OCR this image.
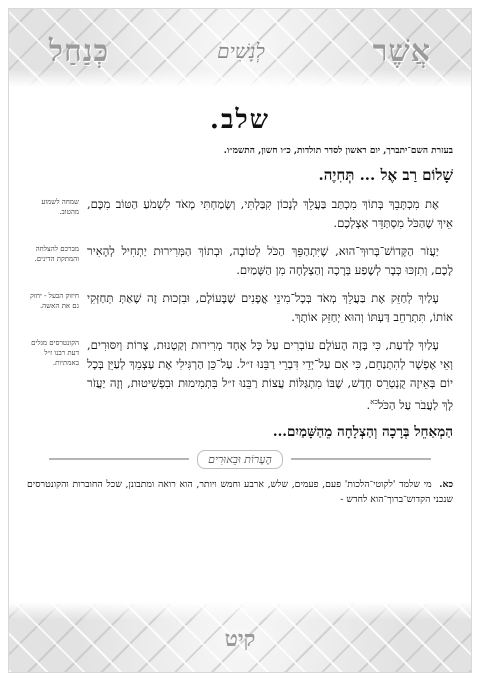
אֲשֶׁר
לְנָשִׁים
כְּנַחַל
שלב.
בעזרת השם־יתברך, יום ראשון לסדר תולדות, כ״ו חשון, התשמ״ו.
שָׁלוֹם רַב אֶל ... תְּחִיֶה.
אֶת מִכְתָּבֵךְ בְּתוֹךְ מִכְתַּב בַּעֲלֵךְ לְנָכוֹן קִבַּלְתִּי, וְשָׂמַחְתִּי מְאֹד לִשְׁמֹעַ הַטּוֹב מִכֶּם, אֵיךְ שֶׁהַכֹּל מִסְתַּדֵּר אֶצְלְכֶם.
שמחה לשמוע מהטוב.
יַעֲזֹר הַקָּדוֹשׁ־בָּרוּךְ־הוּא, שֶׁיִּתְהַפֵּךְ הַכֹּל לְטוֹבָה, וּבְתוֹךְ הַמְּרִירוּת יַתְחִיל לְהָאִיר לָכֶם, וְתִזְכּוּ כְּבָר לְשֶׁפַע בְּרָכָה וְהַצְלָחָה מִן הַשָּׁמַיִם.
מברכם להצלחה והמתקת הדינים.
עָלַיִךְ לְחַזֵּק אֶת בַּעֲלֵךְ מְאֹד בְּכָל־מִינֵי אֳפָנִים שֶׁבָּעוֹלָם, וּבִזְכוּת זֶה שֶׁאַתְּ תְּחַזְּקִי אוֹתוֹ, תִּתְרַחֵב דַּעְתּוֹ וְהוּא יְחַזֵּק אוֹתָךְ.
חיזוק הבעל - יחזק גם את האשה.
עָלַיִךְ לָדַעַת, כִּי בָּזֶה הָעוֹלָם עוֹבְרִים עַל כָּל אֶחָד מְרִירוּת וְקַטְנוּת, צָרוֹת וְיִסּוּרִים, וְאֵי אֶפְשָׁר לְהִתְנַחֵם, כִּי אִם עַל־יְדֵי דִּבְרֵי רַבֵּנוּ ז״ל. עַל־כֵּן הַרְגִּילִי אֶת עַצְמֵךְ לְעַיֵּן בְּכָל יוֹם בְּאֵיזֶה קֻנְטְרֵס חָדָשׁ, שֶׁבּוֹ מִתְגַּלּוֹת עֲצוֹת רַבֵּנוּ ז״ל בִּתְמִימוּת וּבִפְשִׁיטוּת, וְזֶה יַעֲזֹר לָךְ לַעֲבֹר עַל הַכֹּל$^{כא}$.
הקונטרסים מגלים דעת רבנו ז״ל באמתיות.
הַמְאַחֵל בְּרָכָה וְהַצְלָחָה מֵהַשָּׁמַיִם...
הֶעָרוֹת וּבֵאוּרִים
כא. מי שלמד 'לקוטי־הלכות' פעם, פעמים, שלש, ארבע וחמש ויותר, הוא רואה ומתבונן, שכל החוברות והקונטרסים שנכני הקדוש־ברוך־הוא לחדש -
קיט
